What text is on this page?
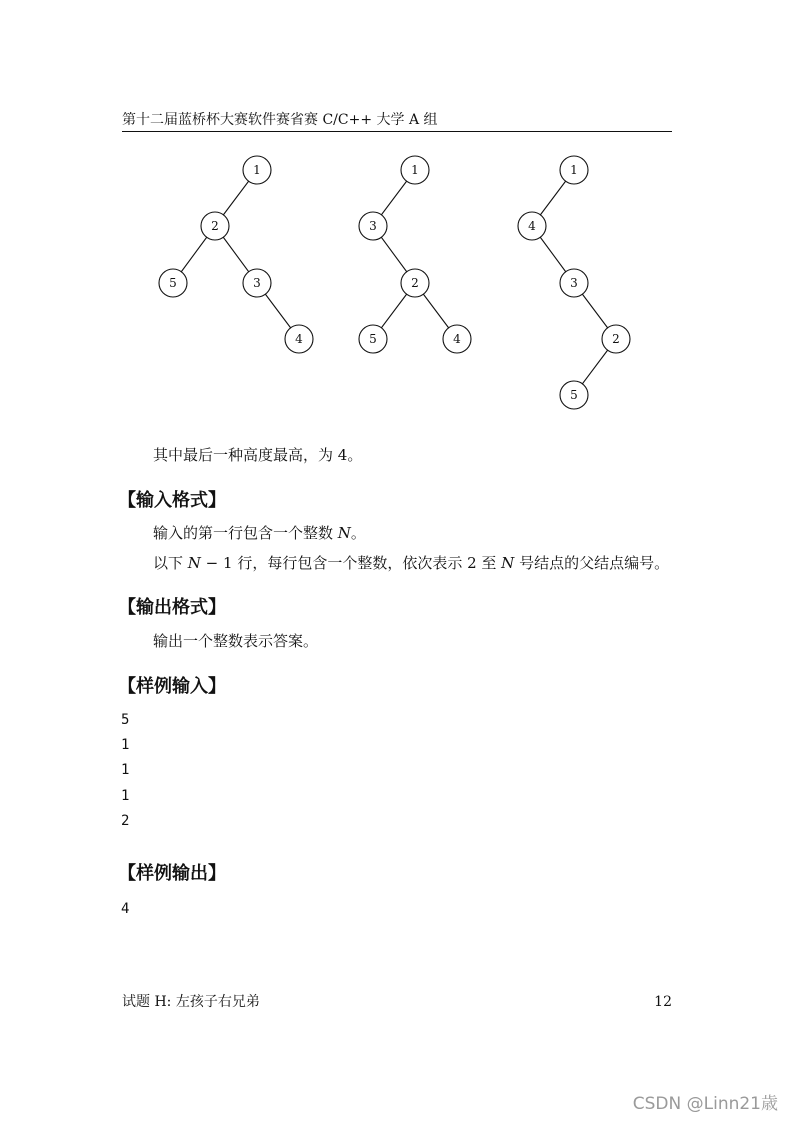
第十二届蓝桥杯大赛软件赛省赛 C/C++ 大学 A 组
1
2
5	3
4
1
3
2
5	4
1
4
3
2
5
其中最后一种高度最高，为 4。
【输入格式】
输入的第一行包含一个整数 N。
以下 N − 1 行，每行包含一个整数，依次表示 2 至 N 号结点的父结点编号。
【输出格式】
输出一个整数表示答案。
【样例输入】
5
1
1
1
2
【样例输出】
4
试题 H: 左孩子右兄弟	12
CSDN @Linn21歳
